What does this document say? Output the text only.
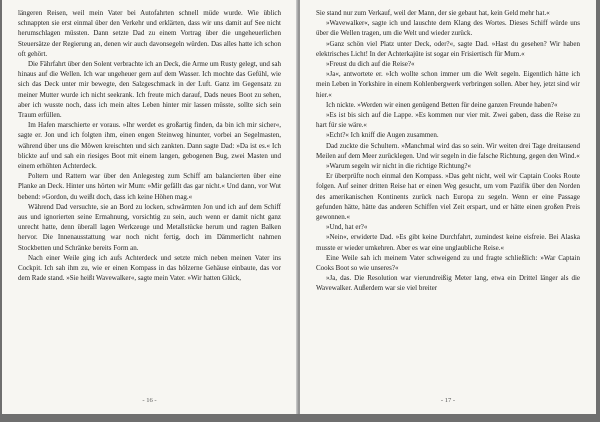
längeren Reisen, weil mein Vater bei Autofahrten schnell müde wurde. Wie üblich schnappten sie erst einmal über den Verkehr und erklärten, dass wir uns damit auf See nicht herumschlagen müssten. Dann setzte Dad zu einem Vortrag über die ungeheuerlichen Steuersätze der Regierung an, denen wir auch davonsegeln würden. Das alles hatte ich schon oft gehört.

Die Fährfahrt über den Solent verbrachte ich an Deck, die Arme um Rusty gelegt, und sah hinaus auf die Wellen. Ich war ungeheuer gern auf dem Wasser. Ich mochte das Gefühl, wie sich das Deck unter mir bewegte, den Salzgeschmack in der Luft. Ganz im Gegensatz zu meiner Mutter wurde ich nicht seekrank. Ich freute mich darauf, Dads neues Boot zu sehen, aber ich wusste noch, dass ich mein altes Leben hinter mir lassen müsste, sollte sich sein Traum erfüllen.

Im Hafen marschierte er voraus. »Ihr werdet es großartig finden, da bin ich mir sicher«, sagte er. Jon und ich folgten ihm, einen engen Steinweg hinunter, vorbei an Segelmasten, während über uns die Möwen kreischten und sich zankten. Dann sagte Dad: »Da ist es.« Ich blickte auf und sah ein riesiges Boot mit einem langen, gebogenen Bug, zwei Masten und einem erhöhten Achterdeck.

Poltern und Rattern war über den Anlegesteg zum Schiff am balancierten über eine Planke an Deck. Hinter uns hörten wir Mum: »Mir gefällt das gar nicht.« Und dann, vor Wut bebend: »Gordon, du weißt doch, dass ich keine Höhen mag.«

Während Dad versuchte, sie an Bord zu locken, schwärmten Jon und ich auf dem Schiff aus und ignorierten seine Ermahnung, vorsichtig zu sein, auch wenn er damit nicht ganz unrecht hatte, denn überall lagen Werkzeuge und Metallstücke herum und ragten Balken hervor. Die Innenausstattung war noch nicht fertig, doch im Dämmerlicht nahmen Stockbetten und Schränke bereits Form an.

Nach einer Weile ging ich aufs Achterdeck und setzte mich neben meinen Vater ins Cockpit. Ich sah ihm zu, wie er einen Kompass in das hölzerne Gehäuse einbaute, das vor dem Rade stand. »Sie heißt Wavewalker«, sagte mein Vater. »Wir hatten Glück,

- 16 -

Sie stand nur zum Verkauf, weil der Mann, der sie gebaut hat, kein Geld mehr hat.«

»Wavewalker«, sagte ich und lauschte dem Klang des Wortes. Dieses Schiff würde uns über die Wellen tragen, um die Welt und wieder zurück.

»Ganz schön viel Platz unter Deck, oder?«, sagte Dad. »Hast du gesehen? Wir haben elektrisches Licht! In der Achterkajüte ist sogar ein Frisiertisch für Mum.«

»Freust du dich auf die Reise?«

»Ja«, antwortete er. »Ich wollte schon immer um die Welt segeln. Eigentlich hätte ich mein Leben in Yorkshire in einem Kohlenbergwerk verbringen sollen. Aber hey, jetzt sind wir hier.«

Ich nickte. »Werden wir einen genügend Betten für deine ganzen Freunde haben?«

»Es ist bis sich auf die Lappe. »Es kommen nur vier mit. Zwei gaben, dass die Reise zu hart für sie wäre.«

»Echt?« Ich kniff die Augen zusammen.

Dad zuckte die Schultern. »Manchmal wird das so sein. Wir weiten drei Tage dreitausend Meilen auf dem Meer zurücklegen. Und wir segeln in die falsche Richtung, gegen den Wind.«

»Warum segeln wir nicht in die richtige Richtung?«

Er überprüfte noch einmal den Kompass. »Das geht nicht, weil wir Captain Cooks Route folgen. Auf seiner dritten Reise hat er einen Weg gesucht, um vom Pazifik über den Norden des amerikanischen Kontinents zurück nach Europa zu segeln. Wenn er eine Passage gefunden hätte, hätte das anderen Schiffen viel Zeit erspart, und er hätte einen großen Preis gewonnen.«

»Und, hat er?«

»Nein«, erwiderte Dad. »Es gibt keine Durchfahrt, zumindest keine eisfreie. Bei Alaska musste er wieder umkehren. Aber es war eine unglaubliche Reise.«

Eine Weile sah ich meinem Vater schweigend zu und fragte schließlich: »War Captain Cooks Boot so wie unseres?«

»Ja, das. Die Resolution war vierundreißig Meter lang, etwa ein Drittel länger als die Wavewalker. Außerdem war sie viel breiter

- 17 -
